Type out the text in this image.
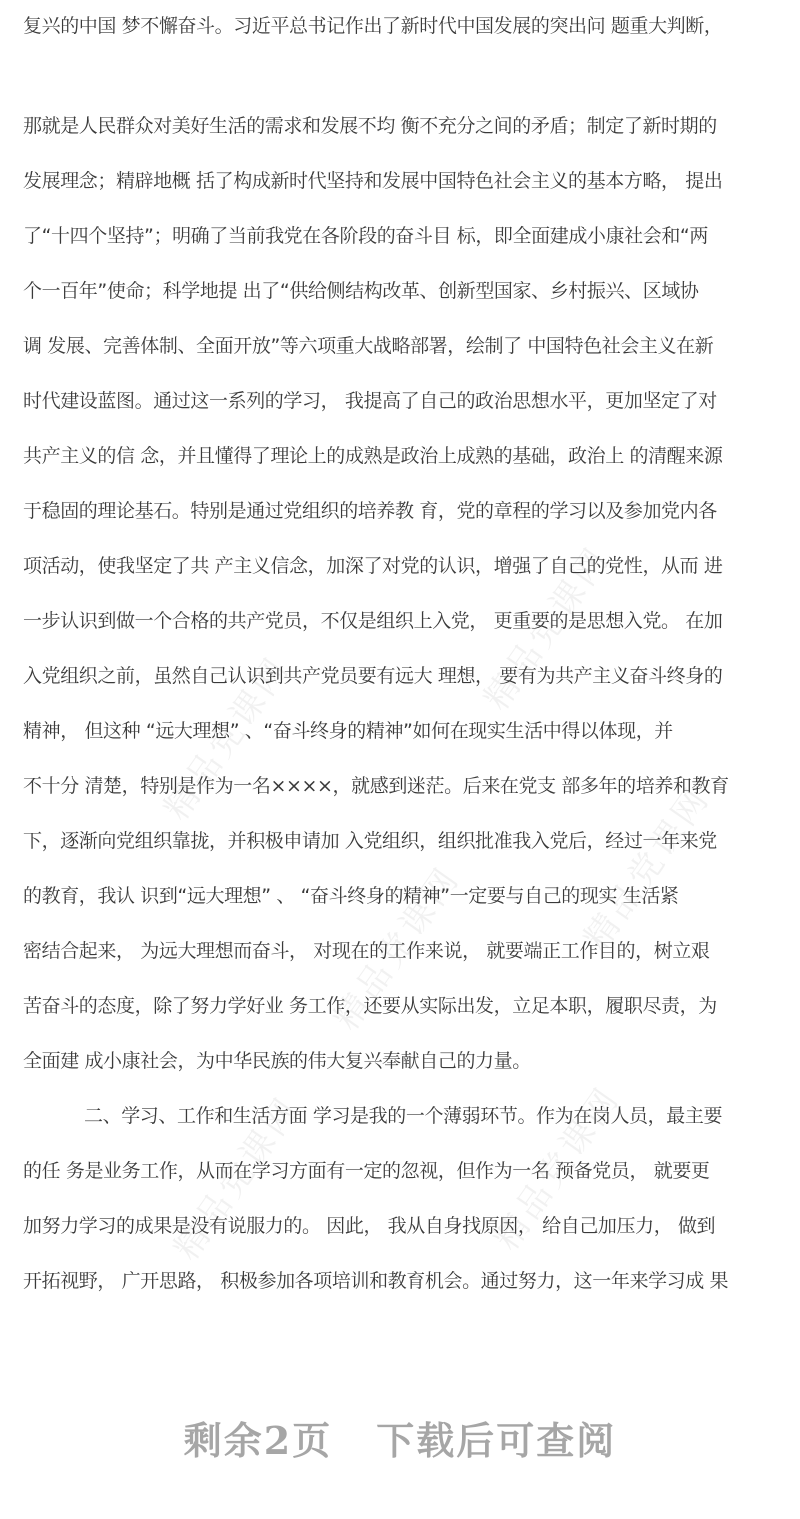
精品党课网
精品党课网
精品党课网	精品党课网
精品党课网	精品党课网
复兴的中国 梦不懈奋斗。习近平总书记作出了新时代中国发展的突出问 题重大判断，
那就是人民群众对美好生活的需求和发展不均 衡不充分之间的矛盾；制定了新时期的
发展理念；精辟地概 括了构成新时代坚持和发展中国特色社会主义的基本方略， 提出
了“十四个坚持”；明确了当前我党在各阶段的奋斗目 标，即全面建成小康社会和“两
个一百年”使命；科学地提 出了“供给侧结构改革、创新型国家、乡村振兴、区域协
调 发展、完善体制、全面开放”等六项重大战略部署，绘制了 中国特色社会主义在新
时代建设蓝图。通过这一系列的学习， 我提高了自己的政治思想水平，更加坚定了对
共产主义的信 念，并且懂得了理论上的成熟是政治上成熟的基础，政治上 的清醒来源
于稳固的理论基石。特别是通过党组织的培养教 育，党的章程的学习以及参加党内各
项活动，使我坚定了共 产主义信念，加深了对党的认识，增强了自己的党性，从而 进
一步认识到做一个合格的共产党员，不仅是组织上入党， 更重要的是思想入党。 在加
入党组织之前，虽然自己认识到共产党员要有远大 理想， 要有为共产主义奋斗终身的
精神， 但这种 “远大理想” 、“奋斗终身的精神”如何在现实生活中得以体现，并
不十分 清楚，特别是作为一名××××，就感到迷茫。后来在党支 部多年的培养和教育
下，逐渐向党组织靠拢，并积极申请加 入党组织，组织批准我入党后，经过一年来党
的教育，我认 识到“远大理想” 、 “奋斗终身的精神”一定要与自己的现实 生活紧
密结合起来， 为远大理想而奋斗， 对现在的工作来说， 就要端正工作目的，树立艰
苦奋斗的态度，除了努力学好业 务工作，还要从实际出发，立足本职，履职尽责，为
全面建 成小康社会，为中华民族的伟大复兴奉献自己的力量。
二、学习、工作和生活方面 学习是我的一个薄弱环节。作为在岗人员，最主要
的任 务是业务工作，从而在学习方面有一定的忽视，但作为一名 预备党员， 就要更
加努力学习的成果是没有说服力的。 因此， 我从自身找原因， 给自己加压力， 做到
开拓视野， 广开思路， 积极参加各项培训和教育机会。通过努力，这一年来学习成 果
剩余2页 下载后可查阅
